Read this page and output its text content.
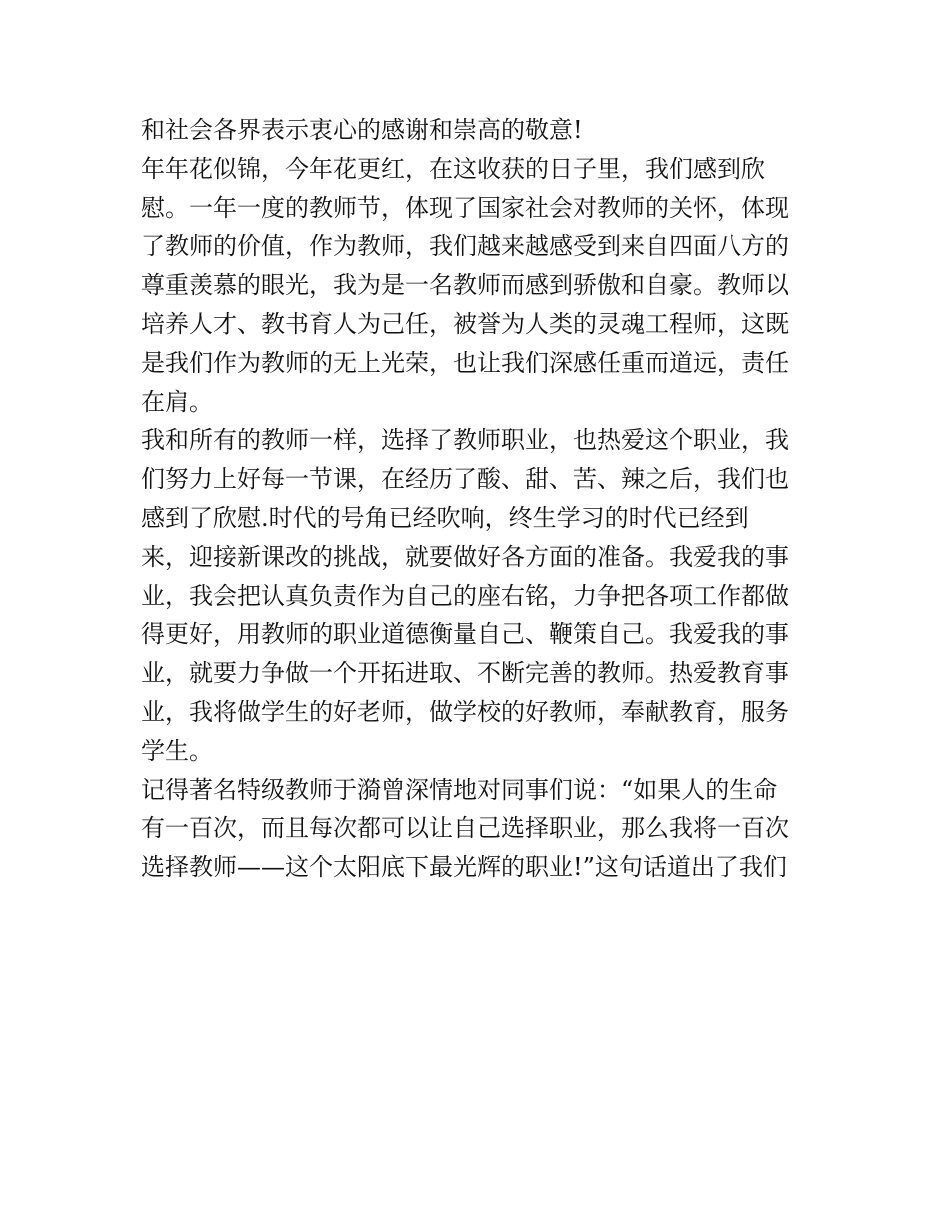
和社会各界表示衷心的感谢和崇高的敬意!
年年花似锦，今年花更红，在这收获的日子里，我们感到欣
慰。一年一度的教师节，体现了国家社会对教师的关怀，体现
了教师的价值，作为教师，我们越来越感受到来自四面八方的
尊重羡慕的眼光，我为是一名教师而感到骄傲和自豪。教师以
培养人才、教书育人为己任，被誉为人类的灵魂工程师，这既
是我们作为教师的无上光荣，也让我们深感任重而道远，责任
在肩。
我和所有的教师一样，选择了教师职业，也热爱这个职业，我
们努力上好每一节课，在经历了酸、甜、苦、辣之后，我们也
感到了欣慰.时代的号角已经吹响，终生学习的时代已经到
来，迎接新课改的挑战，就要做好各方面的准备。我爱我的事
业，我会把认真负责作为自己的座右铭，力争把各项工作都做
得更好，用教师的职业道德衡量自己、鞭策自己。我爱我的事
业，就要力争做一个开拓进取、不断完善的教师。热爱教育事
业，我将做学生的好老师，做学校的好教师，奉献教育，服务
学生。
记得著名特级教师于漪曾深情地对同事们说：“如果人的生命
有一百次，而且每次都可以让自己选择职业，那么我将一百次
选择教师——这个太阳底下最光辉的职业!”这句话道出了我们
